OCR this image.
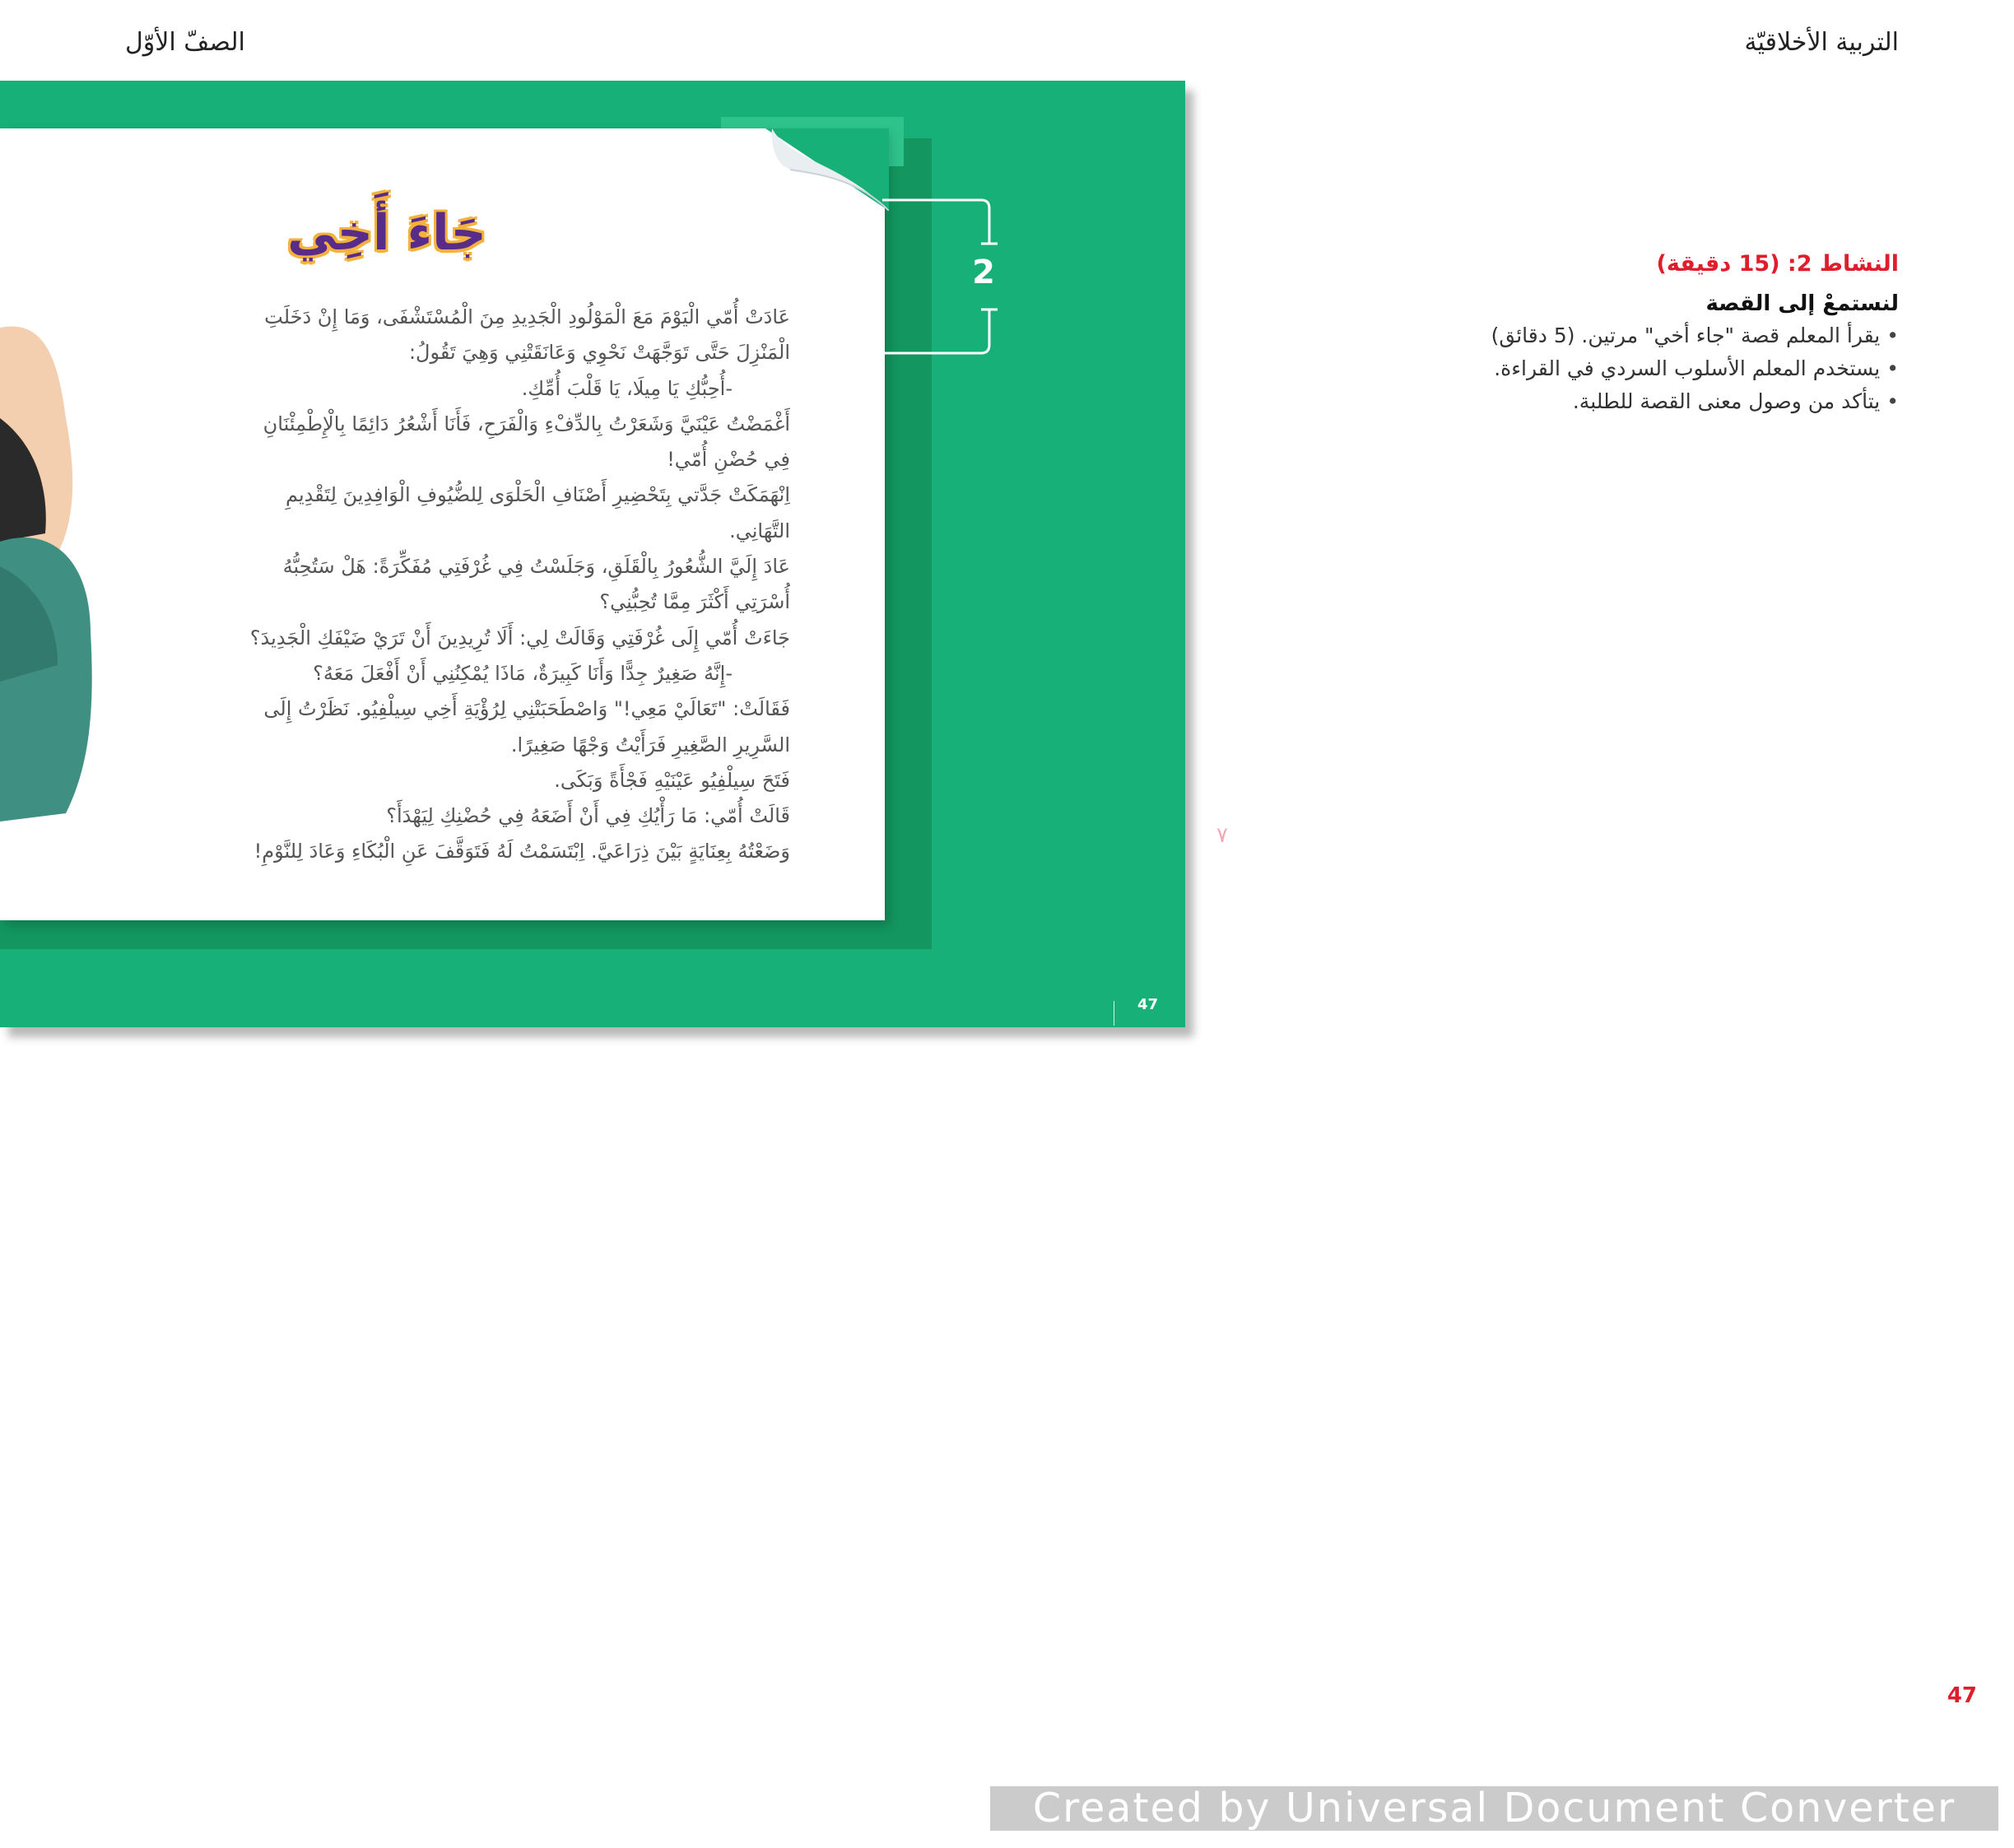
التربية الأخلاقيّة
الصفّ الأوّل
جَاءَ أَخِي
عَادَتْ أُمّي الْيَوْمَ مَعَ الْمَوْلُودِ الْجَدِيدِ مِنَ الْمُسْتَشْفَى، وَمَا إِنْ دَخَلَتِ
الْمَنْزِلَ حَتَّى تَوَجَّهَتْ نَحْوِي وَعَانَقَتْنِي وَهِيَ تَقُولُ:
-أُحِبُّكِ يَا مِيلَا، يَا قَلْبَ أُمِّكِ.
أَغْمَضْتُ عَيْنَيَّ وَشَعَرْتُ بِالدِّفْءِ وَالْفَرَحِ، فَأَنَا أَشْعُرُ دَائِمًا بِالْإِطْمِئْنَانِ
فِي حُضْنِ أُمّي!
اِنْهَمَكَتْ جَدَّتي بِتَحْضِيرِ أَصْنَافِ الْحَلْوَى لِلضُّيُوفِ الْوَافِدِينَ لِتَقْدِيمِ
التَّهَانِي.
عَادَ إِلَيَّ الشُّعُورُ بِالْقَلَقِ، وَجَلَسْتُ فِي غُرْفَتِي مُفَكِّرَةً: هَلْ سَتُحِبُّهُ
أُسْرَتِي أَكْثَرَ مِمَّا تُحِبُّنِي؟
جَاءَتْ أُمّي إِلَى غُرْفَتِي وَقَالَتْ لِي: أَلَا تُرِيدِينَ أَنْ تَرَيْ ضَيْفَكِ الْجَدِيدَ؟
-إِنَّهُ صَغِيرٌ جِدًّا وَأَنَا كَبِيرَةٌ، مَاذَا يُمْكِنُنِي أَنْ أَفْعَلَ مَعَهُ؟
فَقَالَتْ: "تَعَالَيْ مَعِي!" وَاصْطَحَبَتْنِي لِرُؤْيَةِ أَخِي سِيلْفِيُو. نَظَرْتُ إِلَى
السَّرِيرِ الصَّغِيرِ فَرَأَيْتُ وَجْهًا صَغِيرًا.
فَتَحَ سِيلْفِيُو عَيْنَيْهِ فَجْأَةً وَبَكَى.
قَالَتْ أُمّي: مَا رَأْيُكِ فِي أَنْ أَضَعَهُ فِي حُضْنِكِ لِيَهْدَأَ؟
وَضَعْتُهُ بِعِنَايَةٍ بَيْنَ ذِرَاعَيَّ. اِبْتَسَمْتُ لَهُ فَتَوَقَّفَ عَنِ الْبُكَاءِ وَعَادَ لِلنَّوْمِ!
2
47
٧
النشاط 2: (15 دقيقة)
لنستمعْ إلى القصة
•يقرأ المعلم قصة "جاء أخي" مرتين. (5 دقائق)
•يستخدم المعلم الأسلوب السردي في القراءة.
•يتأكد من وصول معنى القصة للطلبة.
47
Created by Universal Document Converter
